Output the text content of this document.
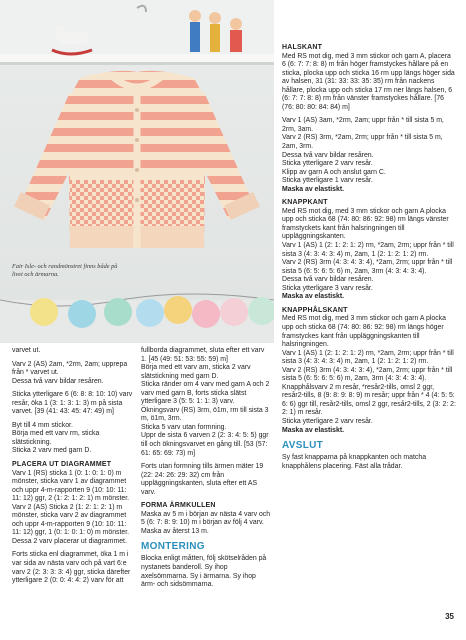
Fair Isle- och randmönstret finns både på livet och ärmarna.

varvet ut.

Varv 2 (AS) 2am, *2rm, 2am; upprepa från * varvet ut.

Dessa två varv bildar resåren.

Sticka ytterligare 6 (6: 8: 8: 10: 10) varv resår, öka 1 (3: 1: 3: 1: 3) m på sista varvet. [39 (41: 43: 45: 47: 49) m]

Byt till 4 mm stickor.

Börja med ett varv rm, sticka slätstickning.

Sticka 2 varv med garn D.

PLACERA UT DIAGRAMMET

Varv 1 (RS) sticka 1 (0: 1: 0: 1: 0) m mönster, sticka varv 1 av diagrammet och uppr 4-m-rapporten 9 (10: 10: 11: 11: 12) ggr, 2 (1: 2: 1: 2: 1) m mönster.

Varv 2 (AS) Sticka 2 (1: 2: 1: 2: 1) m mönster, sticka varv 2 av diagrammet och uppr 4-m-rapporten 9 (10: 10: 11: 11: 12) ggr, 1 (0: 1: 0: 1: 0) m mönster.

Dessa 2 varv placerar ut diagrammet.

Forts sticka enl diagrammet, öka 1 m i var sida av nästa varv och på vart 6:e varv 2 (2: 3: 3: 3: 4) ggr, sticka därefter ytterligare 2 (0: 0: 4: 4: 2) varv för att

fullborda diagrammet, sluta efter ett varv 1. [45 (49: 51: 53: 55: 59) m]

Börja med ett varv am, sticka 2 varv slätstickning med garn D.

Sticka ränder om 4 varv med garn A och 2 varv med garn B, forts sticka slätst ytterligare 3 (5: 5: 1: 1: 3) varv.

Ökningsvarv (RS) 3rm, ö1m, rm till sista 3 m, ö1m, 3rm.

Sticka 5 varv utan formning.

Uppr de sista 6 varven 2 (2: 3: 4: 5: 5) ggr till och ökningsvarvet en gång till. [53 (57: 61: 65: 69: 73) m]

Forts utan formning tills ärmen mäter 19 (22: 24: 26: 29: 32) cm från uppläggningskanten, sluta efter ett AS varv.

FORMA ÄRMKULLEN

Maska av 5 m i början av nästa 4 varv och 5 (6: 7: 8: 9: 10) m i början av följ 4 varv.

Maska av återst 13 m.

MONTERING

Blocka enligt måtten, följ skötselråden på nystanets banderoll. Sy ihop axelsömmarna. Sy i ärmarna. Sy ihop ärm- och sidsömmarna.

HALSKANT

Med RS mot dig, med 3 mm stickor och garn A, placera 6 (6: 7: 7: 8: 8) m från höger framstyckes hållare på en sticka, plocka upp och sticka 16 rm upp längs höger sida av halsen, 31 (31: 33: 33: 35: 35) rm från nackens hållare, plocka upp och sticka 17 rm ner längs halsen, 6 (6: 7: 7: 8: 8) rm från vänster framstyckes hållare. [76 (76: 80: 80: 84: 84) m]

Varv 1 (AS) 3am, *2rm, 2am; uppr från * till sista 5 m, 2rm, 3am.

Varv 2 (RS) 3rm, *2am, 2rm; uppr från * till sista 5 m, 2am, 3rm.

Dessa två varv bildar resåren.

Sticka ytterligare 2 varv resår.

Klipp av garn A och anslut garn C.

Sticka ytterligare 1 varv resår.

Maska av elastiskt.

KNAPPKANT

Med RS mot dig, med 3 mm stickor och garn A plocka upp och sticka 68 (74: 80: 86: 92: 98) rm längs vänster framstyckets kant från halsringningen till uppläggningskanten.

Varv 1 (AS) 1 (2: 1: 2: 1: 2) rm, *2am, 2rm; uppr från * till sista 3 (4: 3: 4: 3: 4) m, 2am, 1 (2: 1: 2: 1: 2) rm.

Varv 2 (RS) 3rm (4: 3: 4: 3: 4), *2am, 2rm; uppr från * till sista 5 (6: 5: 6: 5: 6) m, 2am, 3rm (4: 3: 4: 3: 4).

Dessa två varv bildar resåren.

Sticka ytterligare 3 varv resår.

Maska av elastiskt.

KNAPPHÅLSKANT

Med RS mot dig, med 3 mm stickor och garn A plocka upp och sticka 68 (74: 80: 86: 92: 98) rm längs höger framstyckes kant från uppläggningskanten till halsringningen.

Varv 1 (AS) 1 (2: 1: 2: 1: 2) rm, *2am, 2rm; uppr från * till sista 3 (4: 3: 4: 3: 4) m, 2am, 1 (2: 1: 2: 1: 2) rm.

Varv 2 (RS) 3rm (4: 3: 4: 3: 4), *2am, 2rm; uppr från * till sista 5 (6: 5: 6: 5: 6) m, 2am, 3rm (4: 3: 4: 3: 4).

Knapphålsvarv 2 m resår, *resår2-tills, omsl 2 ggr, resår2-tills, 8 (9: 8: 9: 8: 9) m resår; uppr från * 4 (4: 5: 5: 6: 6) ggr till, resår2-tills, omsl 2 ggr, resår2-tills, 2 (3: 2: 2: 2: 1) m resår.

Sticka ytterligare 2 varv resår.

Maska av elastiskt.

AVSLUT

Sy fast knapparna på knappkanten och matcha knapphålens placering. Fäst alla trådar.

35
